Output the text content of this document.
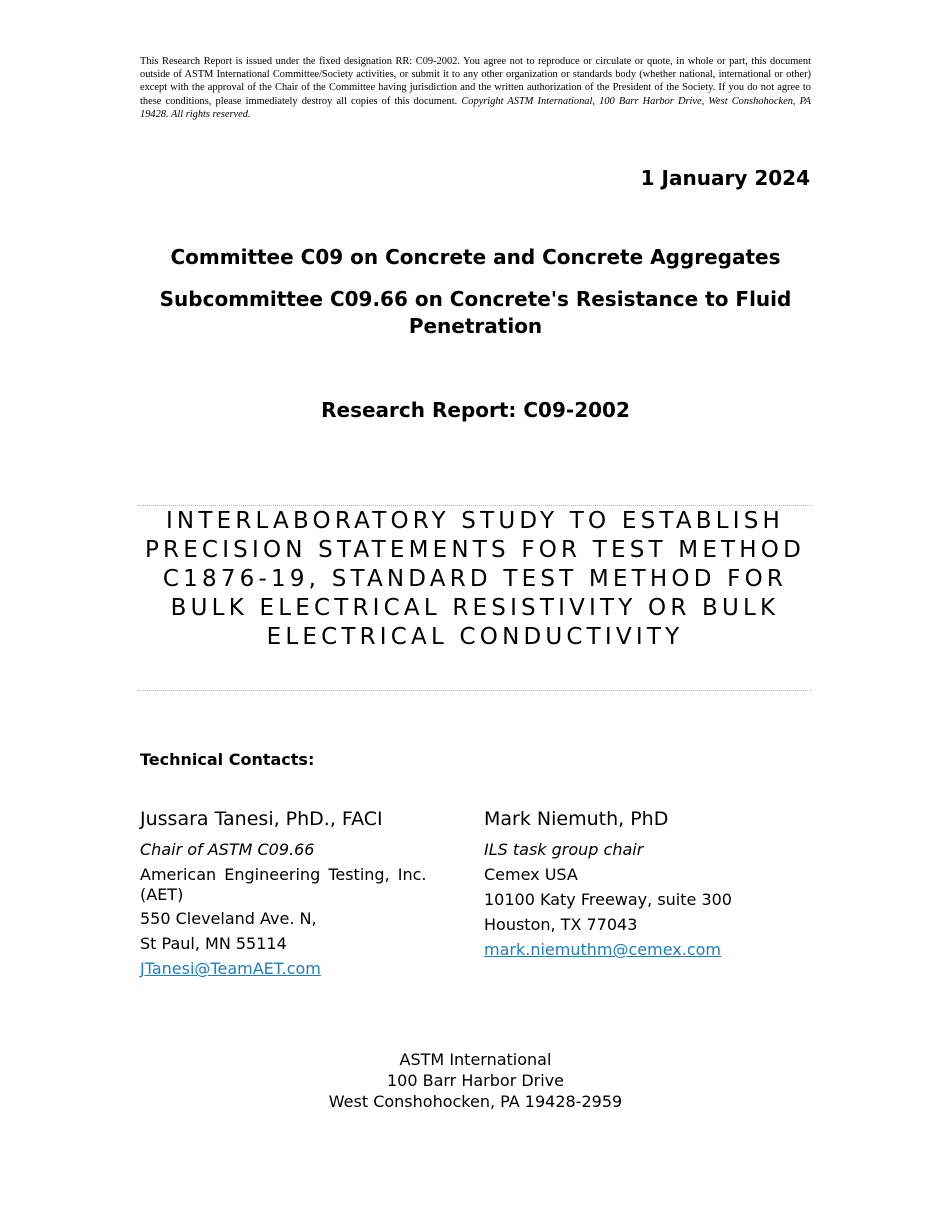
This Research Report is issued under the fixed designation RR: C09-2002. You agree not to reproduce or circulate or quote, in whole or part, this document outside of ASTM International Committee/Society activities, or submit it to any other organization or standards body (whether national, international or other) except with the approval of the Chair of the Committee having jurisdiction and the written authorization of the President of the Society. If you do not agree to these conditions, please immediately destroy all copies of this document. Copyright ASTM International, 100 Barr Harbor Drive, West Conshohocken, PA 19428. All rights reserved.

1 January 2024

Committee C09 on Concrete and Concrete Aggregates

Subcommittee C09.66 on Concrete's Resistance to Fluid Penetration

Research Report: C09-2002

INTERLABORATORY STUDY TO ESTABLISH PRECISION STATEMENTS FOR TEST METHOD C1876-19, STANDARD TEST METHOD FOR BULK ELECTRICAL RESISTIVITY OR BULK ELECTRICAL CONDUCTIVITY

Technical Contacts:

Jussara Tanesi, PhD., FACI

Chair of ASTM C09.66

American Engineering Testing, Inc. (AET)

550 Cleveland Ave. N,

St Paul, MN 55114

JTanesi@TeamAET.com

Mark Niemuth, PhD

ILS task group chair

Cemex USA

10100 Katy Freeway, suite 300

Houston, TX 77043

mark.niemuthm@cemex.com
ASTM International
100 Barr Harbor Drive
West Conshohocken, PA 19428-2959
